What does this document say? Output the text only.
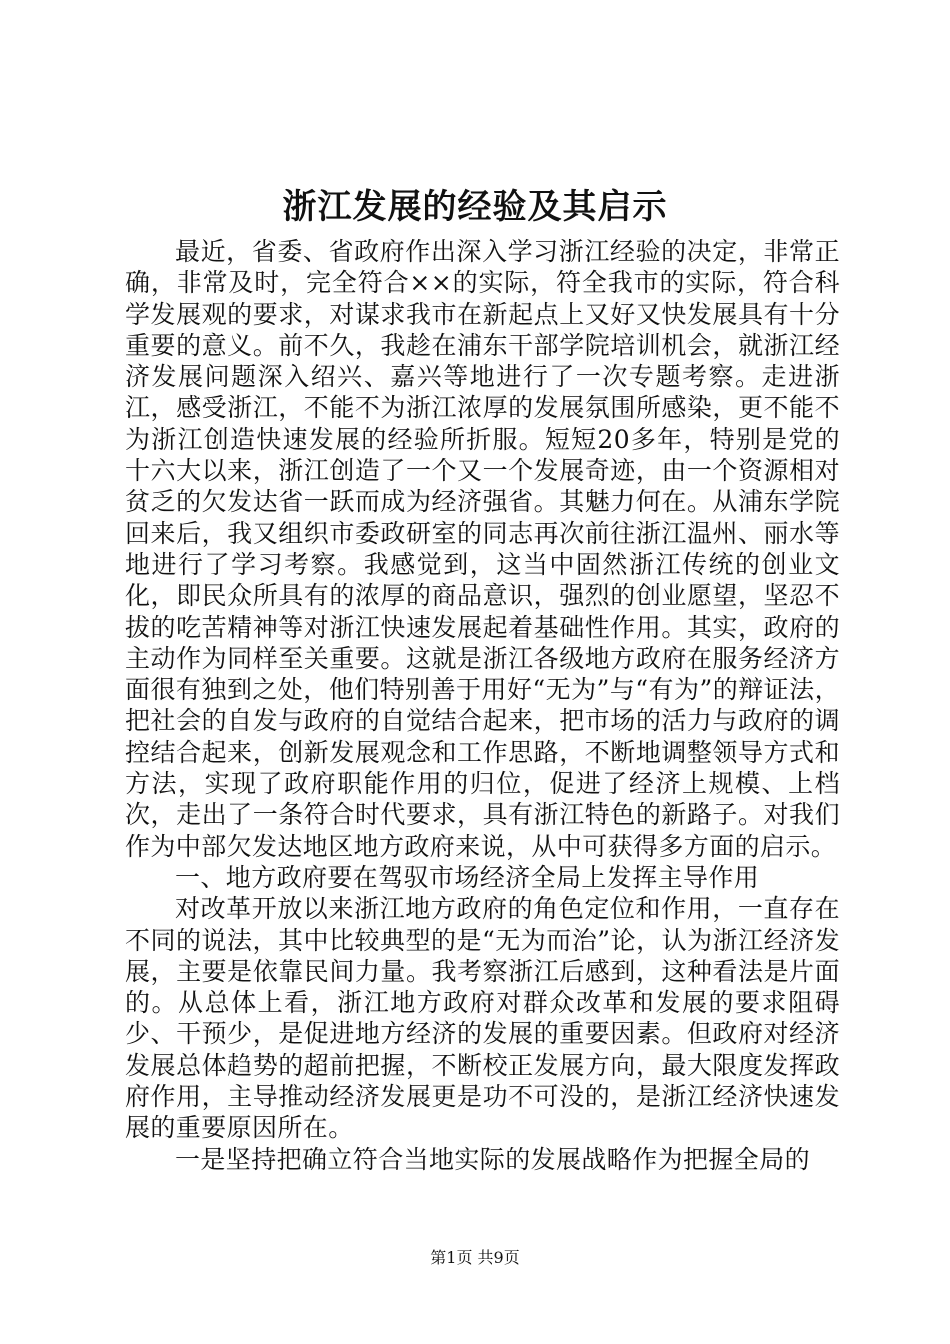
浙江发展的经验及其启示

最近，省委、省政府作出深入学习浙江经验的决定，非常正确，非常及时，完全符合××的实际，符全我市的实际，符合科学发展观的要求，对谋求我市在新起点上又好又快发展具有十分重要的意义。前不久，我趁在浦东干部学院培训机会，就浙江经济发展问题深入绍兴、嘉兴等地进行了一次专题考察。走进浙江，感受浙江，不能不为浙江浓厚的发展氛围所感染，更不能不为浙江创造快速发展的经验所折服。短短20多年，特别是党的十六大以来，浙江创造了一个又一个发展奇迹，由一个资源相对贫乏的欠发达省一跃而成为经济强省。其魅力何在。从浦东学院回来后，我又组织市委政研室的同志再次前往浙江温州、丽水等地进行了学习考察。我感觉到，这当中固然浙江传统的创业文化，即民众所具有的浓厚的商品意识，强烈的创业愿望，坚忍不拔的吃苦精神等对浙江快速发展起着基础性作用。其实，政府的主动作为同样至关重要。这就是浙江各级地方政府在服务经济方面很有独到之处，他们特别善于用好“无为”与“有为”的辩证法，把社会的自发与政府的自觉结合起来，把市场的活力与政府的调控结合起来，创新发展观念和工作思路，不断地调整领导方式和方法，实现了政府职能作用的归位，促进了经济上规模、上档次，走出了一条符合时代要求，具有浙江特色的新路子。对我们作为中部欠发达地区地方政府来说，从中可获得多方面的启示。

一、地方政府要在驾驭市场经济全局上发挥主导作用

对改革开放以来浙江地方政府的角色定位和作用，一直存在不同的说法，其中比较典型的是“无为而治”论，认为浙江经济发展，主要是依靠民间力量。我考察浙江后感到，这种看法是片面的。从总体上看，浙江地方政府对群众改革和发展的要求阻碍少、干预少，是促进地方经济的发展的重要因素。但政府对经济发展总体趋势的超前把握，不断校正发展方向，最大限度发挥政府作用，主导推动经济发展更是功不可没的，是浙江经济快速发展的重要原因所在。

一是坚持把确立符合当地实际的发展战略作为把握全局的

第1页 共9页
